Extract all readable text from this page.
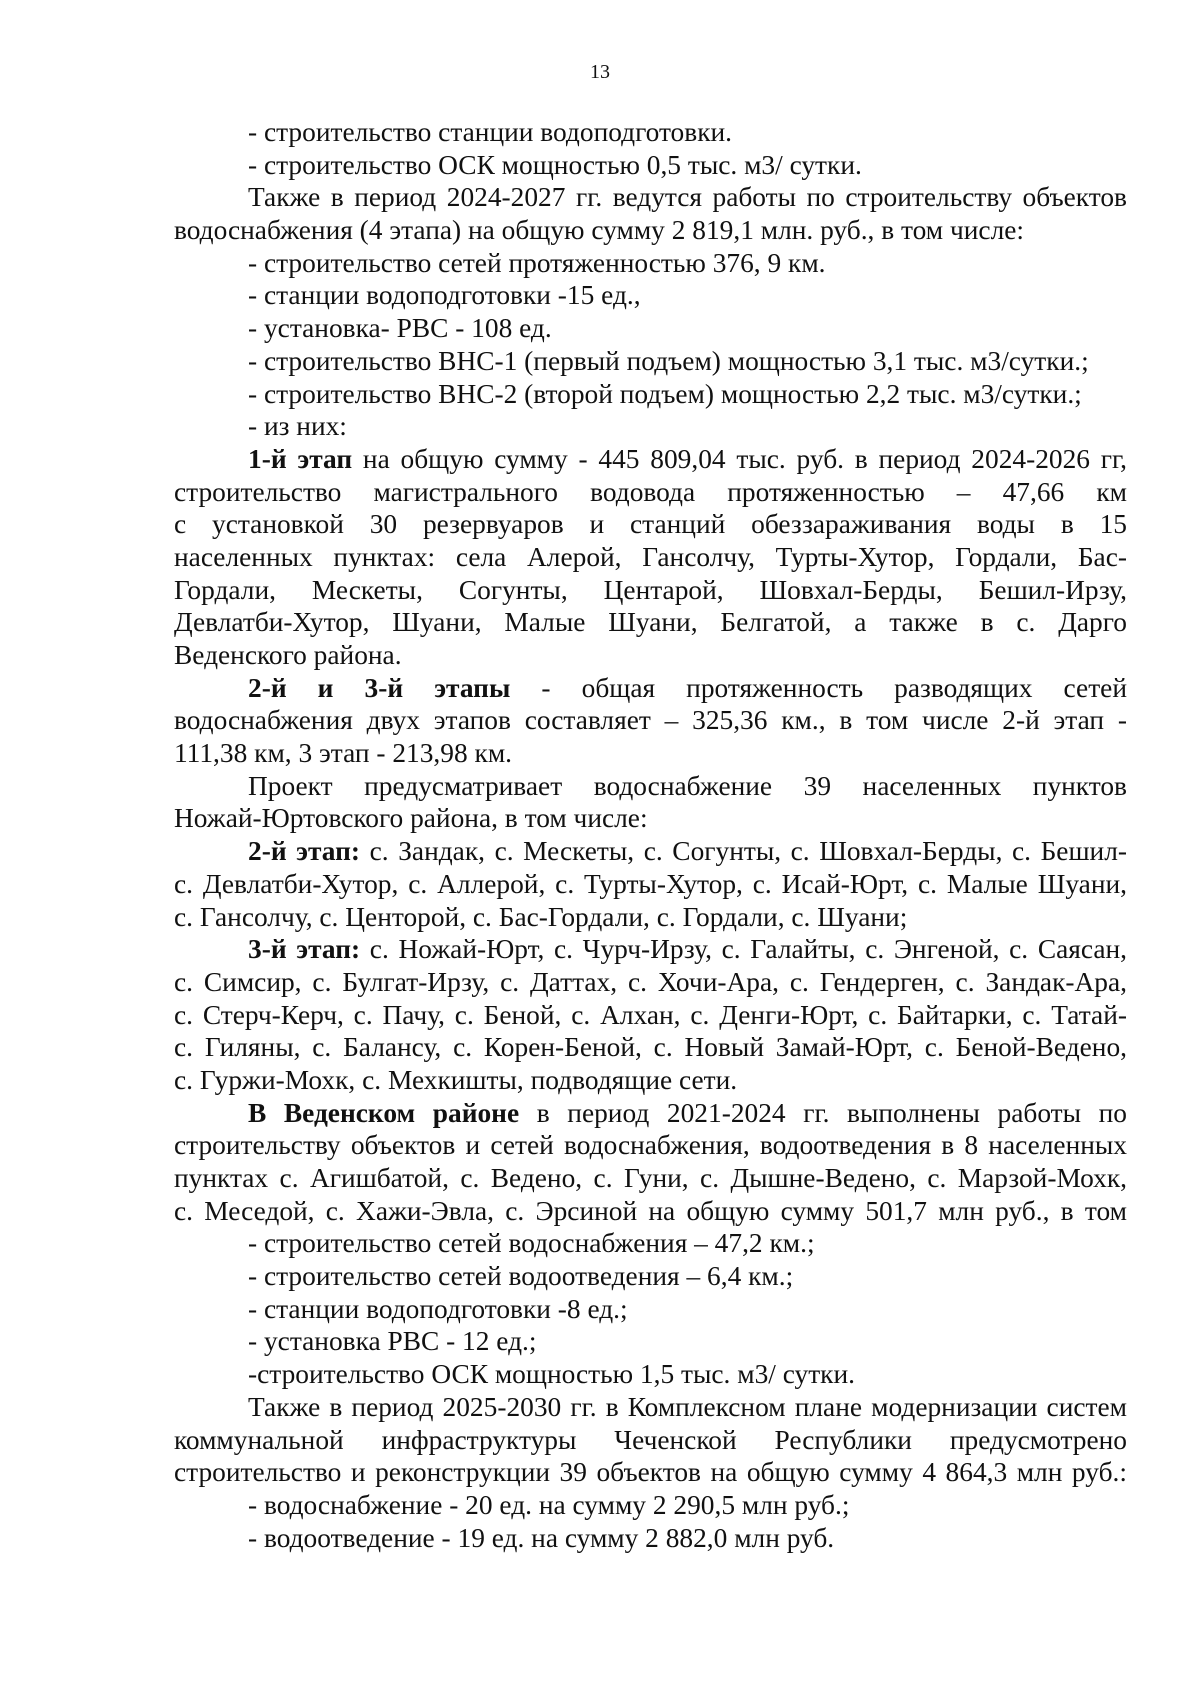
13
- строительство станции водоподготовки.
- строительство ОСК мощностью 0,5 тыс. м3/ сутки.
Также в период 2024-2027 гг. ведутся работы по строительству объектов
водоснабжения (4 этапа) на общую сумму 2 819,1 млн. руб., в том числе:
- строительство сетей протяженностью 376, 9 км.
- станции водоподготовки -15 ед.,
- установка- РВС - 108 ед.
- строительство ВНС-1 (первый подъем) мощностью 3,1 тыс. м3/сутки.;
- строительство ВНС-2 (второй подъем) мощностью 2,2 тыс. м3/сутки.;
- из них:
1-й этап на общую сумму - 445 809,04 тыс. руб. в период 2024-2026 гг,
строительство магистрального водовода протяженностью – 47,66 км
с установкой 30 резервуаров и станций обеззараживания воды в 15
населенных пунктах: села Алерой, Гансолчу, Турты-Хутор, Гордали, Бас-
Гордали, Мескеты, Согунты, Центарой, Шовхал-Берды, Бешил-Ирзу,
Девлатби-Хутор, Шуани, Малые Шуани, Белгатой, а также в с. Дарго
Веденского района.
2-й и 3-й этапы - общая протяженность разводящих сетей
водоснабжения двух этапов составляет – 325,36 км., в том числе 2-й этап -
111,38 км, 3 этап - 213,98 км.
Проект предусматривает водоснабжение 39 населенных пунктов
Ножай-Юртовского района, в том числе:
2-й этап: с. Зандак, с. Мескеты, с. Согунты, с. Шовхал-Берды, с. Бешил-
с. Девлатби-Хутор, с. Аллерой, с. Турты-Хутор, с. Исай-Юрт, с. Малые Шуани,
с. Гансолчу, с. Центорой, с. Бас-Гордали, с. Гордали, с. Шуани;
3-й этап: с. Ножай-Юрт, с. Чурч-Ирзу, с. Галайты, с. Энгеной, с. Саясан,
с. Симсир, с. Булгат-Ирзу, с. Даттах, с. Хочи-Ара, с. Гендерген, с. Зандак-Ара,
с. Стерч-Керч, с. Пачу, с. Беной, с. Алхан, с. Денги-Юрт, с. Байтарки, с. Татай-
с. Гиляны, с. Балансу, с. Корен-Беной, с. Новый Замай-Юрт, с. Беной-Ведено,
с. Гуржи-Мохк, с. Мехкишты, подводящие сети.
В Веденском районе в период 2021-2024 гг. выполнены работы по
строительству объектов и сетей водоснабжения, водоотведения в 8 населенных
пунктах с. Агишбатой, с. Ведено, с. Гуни, с. Дышне-Ведено, с. Марзой-Мохк,
с. Меседой, с. Хажи-Эвла, с. Эрсиной на общую сумму 501,7 млн руб., в том
- строительство сетей водоснабжения – 47,2 км.;
- строительство сетей водоотведения – 6,4 км.;
- станции водоподготовки -8 ед.;
- установка РВС - 12 ед.;
-строительство ОСК мощностью 1,5 тыс. м3/ сутки.
Также в период 2025-2030 гг. в Комплексном плане модернизации систем
коммунальной инфраструктуры Чеченской Республики предусмотрено
строительство и реконструкции 39 объектов на общую сумму 4 864,3 млн руб.:
- водоснабжение - 20 ед. на сумму 2 290,5 млн руб.;
- водоотведение - 19 ед. на сумму 2 882,0 млн руб.
